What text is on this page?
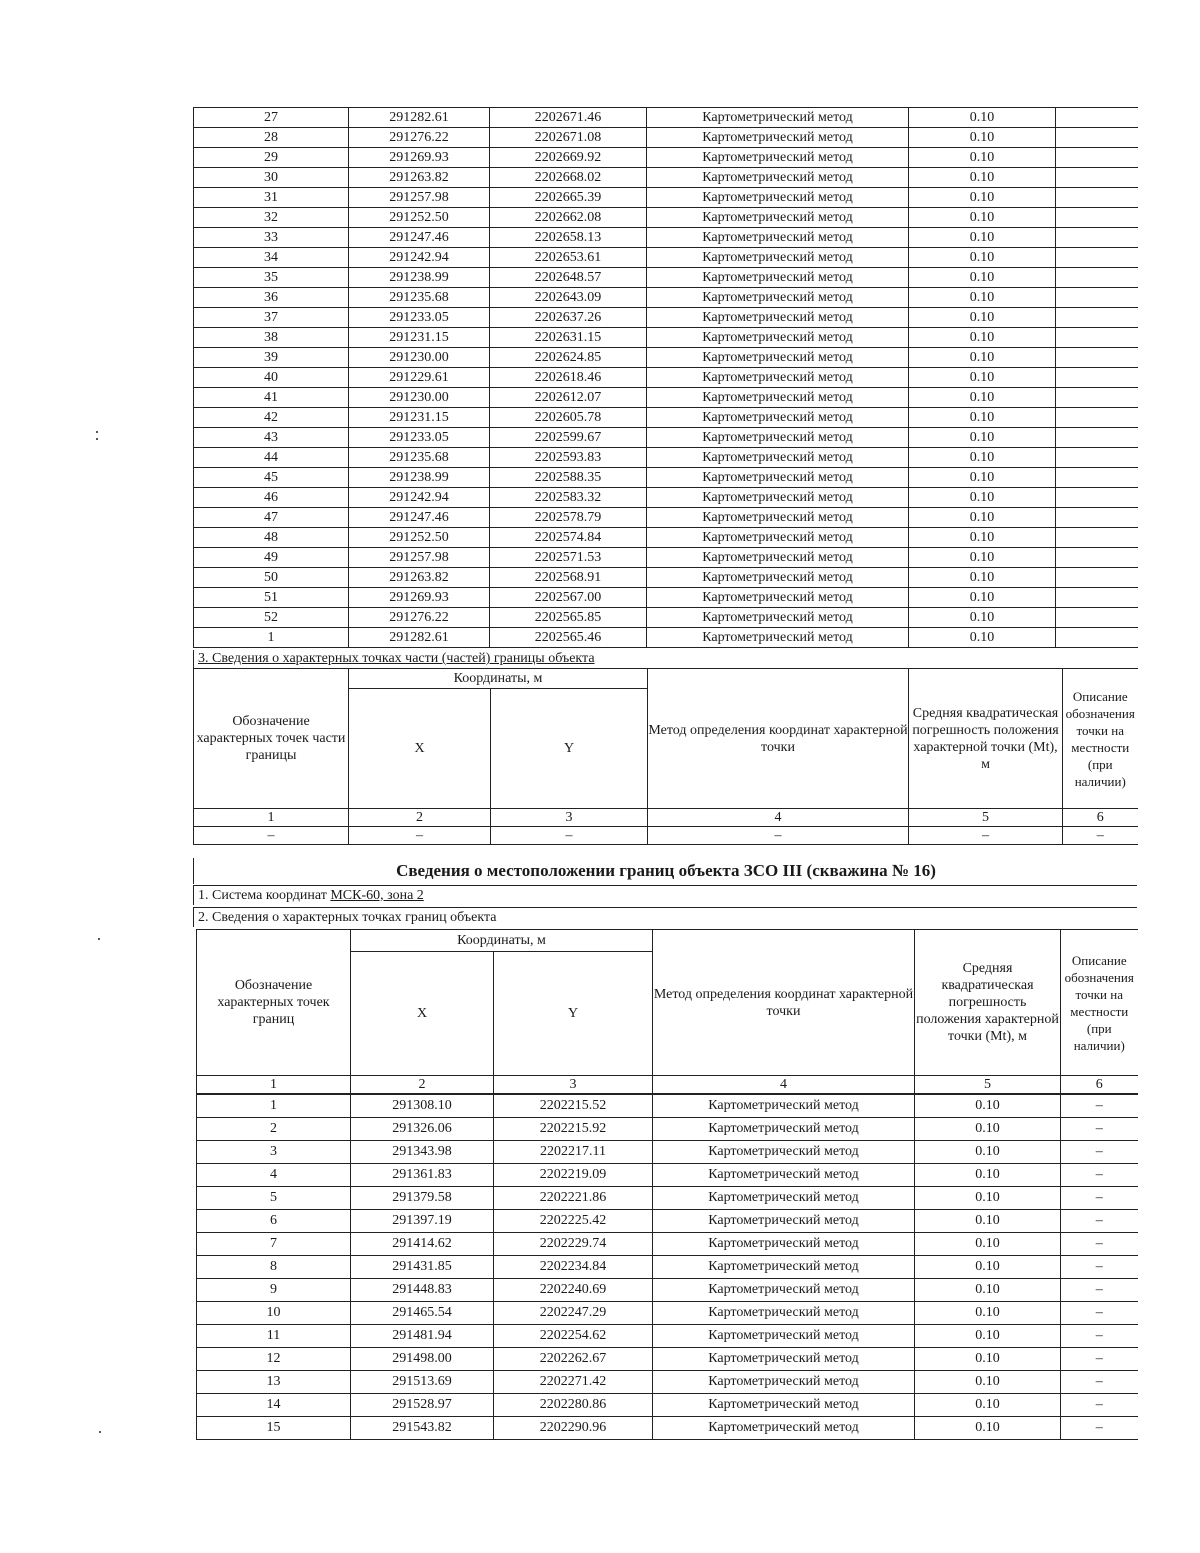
27	291282.61	2202671.46	Картометрический метод	0.10	
28	291276.22	2202671.08	Картометрический метод	0.10	
29	291269.93	2202669.92	Картометрический метод	0.10	
30	291263.82	2202668.02	Картометрический метод	0.10	
31	291257.98	2202665.39	Картометрический метод	0.10	
32	291252.50	2202662.08	Картометрический метод	0.10	
33	291247.46	2202658.13	Картометрический метод	0.10	
34	291242.94	2202653.61	Картометрический метод	0.10	
35	291238.99	2202648.57	Картометрический метод	0.10	
36	291235.68	2202643.09	Картометрический метод	0.10	
37	291233.05	2202637.26	Картометрический метод	0.10	
38	291231.15	2202631.15	Картометрический метод	0.10	
39	291230.00	2202624.85	Картометрический метод	0.10	
40	291229.61	2202618.46	Картометрический метод	0.10	
41	291230.00	2202612.07	Картометрический метод	0.10	
42	291231.15	2202605.78	Картометрический метод	0.10	
43	291233.05	2202599.67	Картометрический метод	0.10	
44	291235.68	2202593.83	Картометрический метод	0.10	
45	291238.99	2202588.35	Картометрический метод	0.10	
46	291242.94	2202583.32	Картометрический метод	0.10	
47	291247.46	2202578.79	Картометрический метод	0.10	
48	291252.50	2202574.84	Картометрический метод	0.10	
49	291257.98	2202571.53	Картометрический метод	0.10	
50	291263.82	2202568.91	Картометрический метод	0.10	
51	291269.93	2202567.00	Картометрический метод	0.10	
52	291276.22	2202565.85	Картометрический метод	0.10	
1	291282.61	2202565.46	Картометрический метод	0.10	
3. Сведения о характерных точках части (частей) границы объекта
Обозначение характерных точек части границы	Координаты, м		Метод определения координат характерной точки	Средняя квадратическая погрешность положения характерной точки (Mt), м	Описание обозначения точки на местности (при наличии)
	X	Y			
1	2	3	4	5	6
–	–	–	–	–	–
Сведения о местоположении границ объекта ЗСО III (скважина № 16)
1. Система координат МСК-60, зона 2
2. Сведения о характерных точках границ объекта
Обозначение характерных точек границ	Координаты, м		Метод определения координат характерной точки	Средняя квадратическая погрешность положения характерной точки (Mt), м	Описание обозначения точки на местности (при наличии)
	X	Y			
1	2	3	4	5	6
1	291308.10	2202215.52	Картометрический метод	0.10	–
2	291326.06	2202215.92	Картометрический метод	0.10	–
3	291343.98	2202217.11	Картометрический метод	0.10	–
4	291361.83	2202219.09	Картометрический метод	0.10	–
5	291379.58	2202221.86	Картометрический метод	0.10	–
6	291397.19	2202225.42	Картометрический метод	0.10	–
7	291414.62	2202229.74	Картометрический метод	0.10	–
8	291431.85	2202234.84	Картометрический метод	0.10	–
9	291448.83	2202240.69	Картометрический метод	0.10	–
10	291465.54	2202247.29	Картометрический метод	0.10	–
11	291481.94	2202254.62	Картометрический метод	0.10	–
12	291498.00	2202262.67	Картометрический метод	0.10	–
13	291513.69	2202271.42	Картометрический метод	0.10	–
14	291528.97	2202280.86	Картометрический метод	0.10	–
15	291543.82	2202290.96	Картометрический метод	0.10	–
